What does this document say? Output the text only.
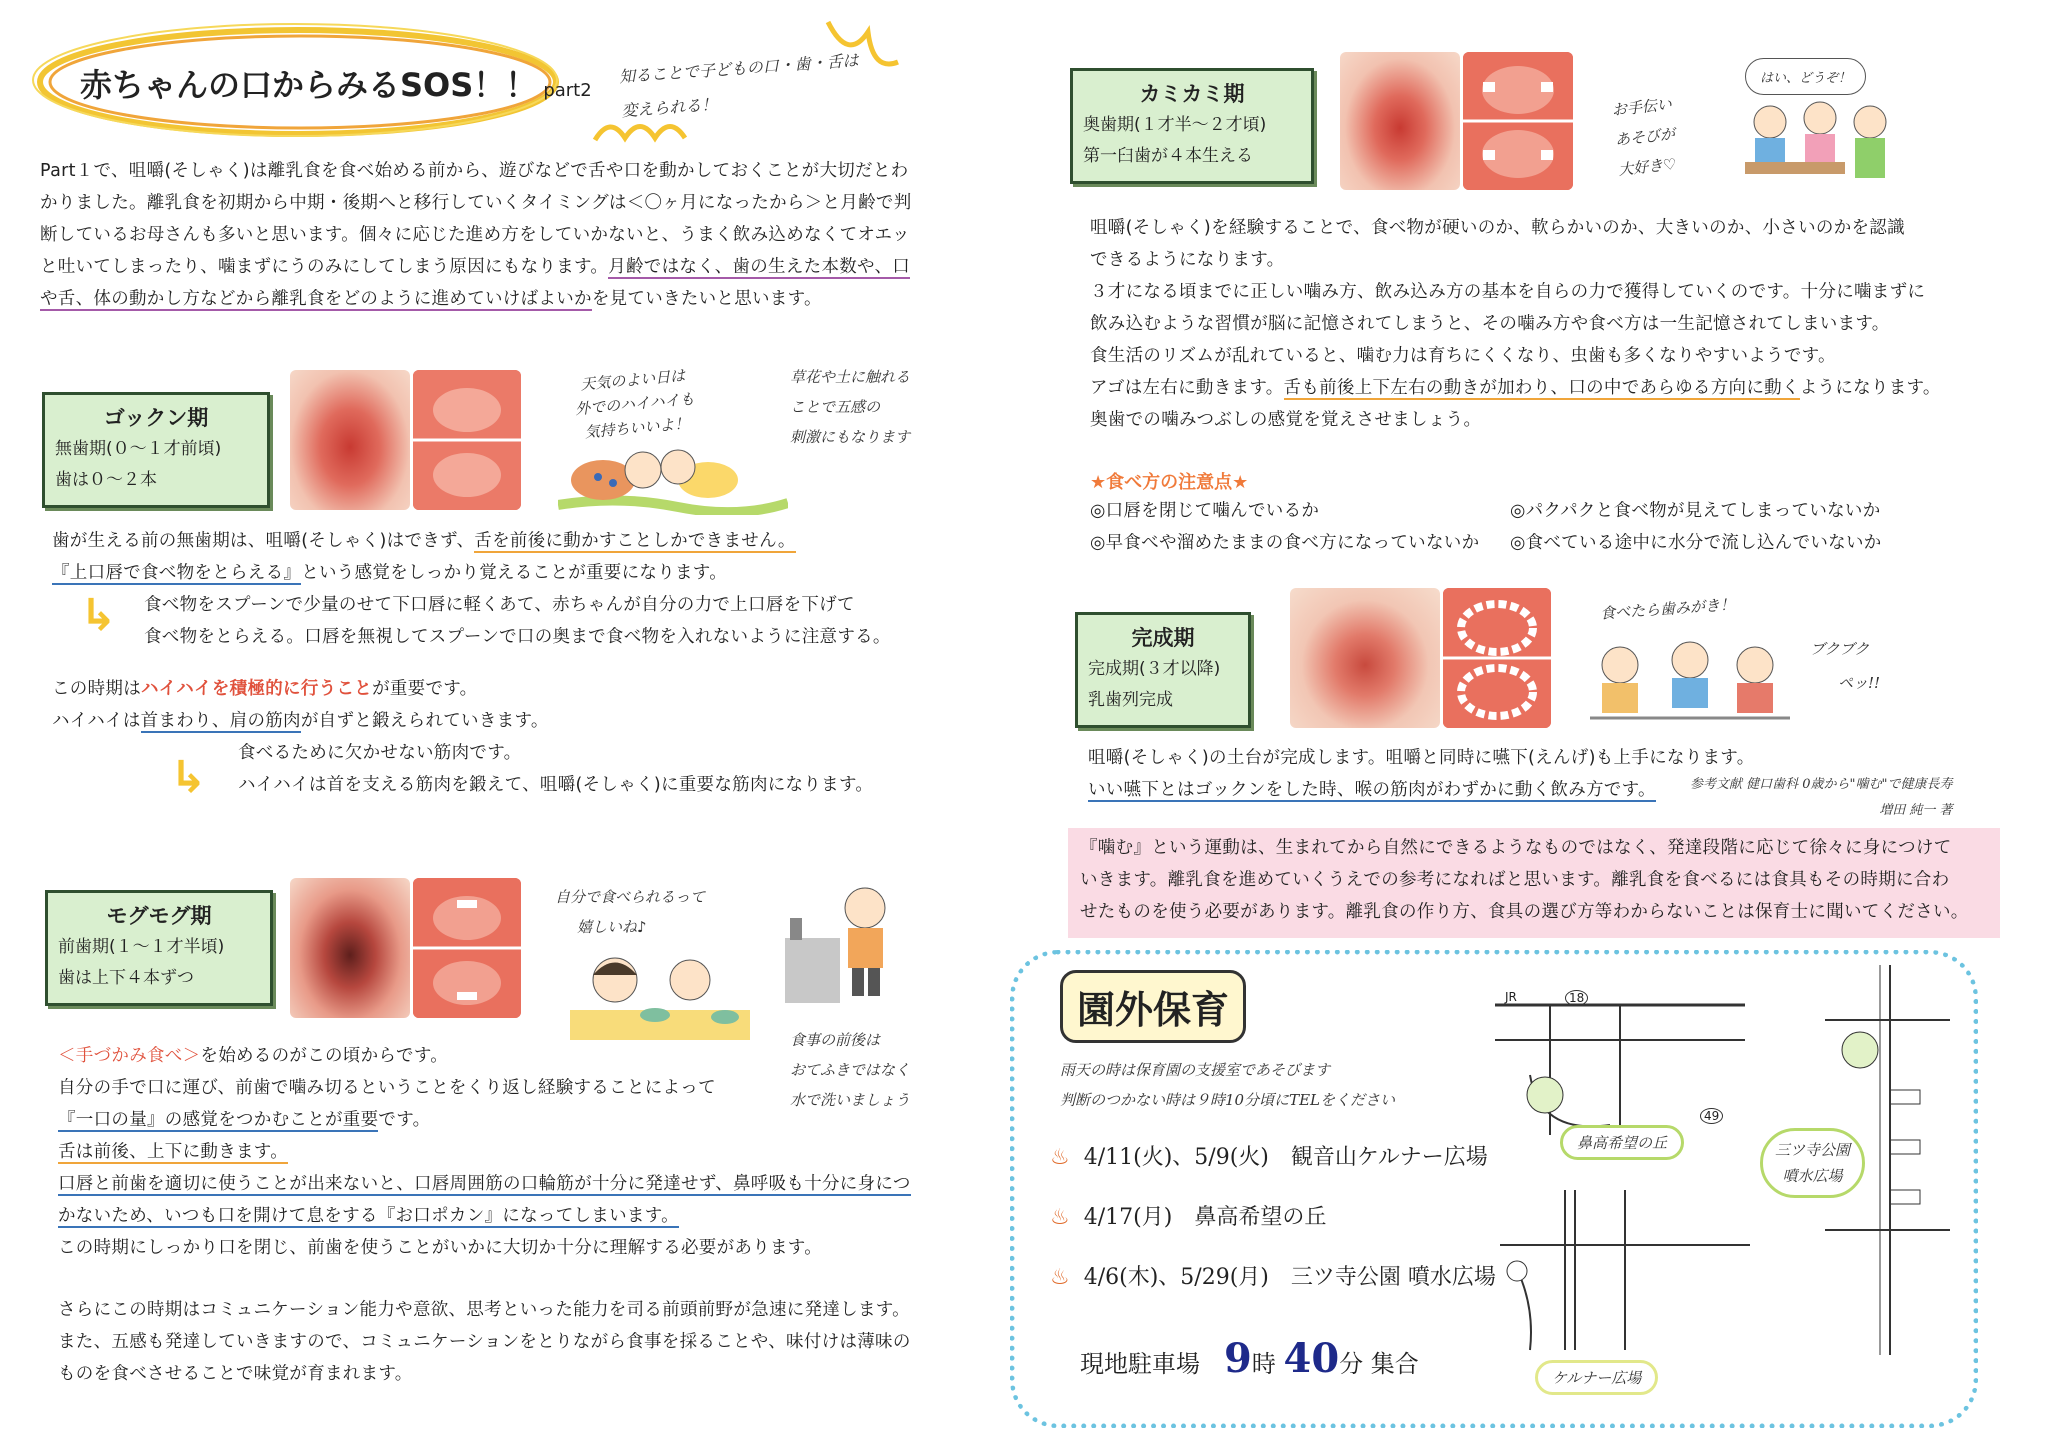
赤ちゃんの口からみるSOS！！ part2
知ることで子どもの口・歯・舌は
変えられる！

Part１で、咀嚼(そしゃく)は離乳食を食べ始める前から、遊びなどで舌や口を動かしておくことが大切だとわ

かりました。離乳食を初期から中期・後期へと移行していくタイミングは＜〇ヶ月になったから＞と月齢で判

断しているお母さんも多いと思います。個々に応じた進め方をしていかないと、うまく飲み込めなくてオエッ

と吐いてしまったり、噛まずにうのみにしてしまう原因にもなります。月齢ではなく、歯の生えた本数や、口

や舌、体の動かし方などから離乳食をどのように進めていけばよいかを見ていきたいと思います。

ゴックン期
無歯期(０～１才前頃)
歯は０～２本
天気のよい日は
外でのハイハイも
気持ちいいよ！
草花や土に触れる
ことで五感の
刺激にもなります

歯が生える前の無歯期は、咀嚼(そしゃく)はできず、舌を前後に動かすことしかできません。

『上口唇で食べ物をとらえる』という感覚をしっかり覚えることが重要になります。

食べ物をスプーンで少量のせて下口唇に軽くあて、赤ちゃんが自分の力で上口唇を下げて

食べ物をとらえる。口唇を無視してスプーンで口の奥まで食べ物を入れないように注意する。

この時期はハイハイを積極的に行うことが重要です。

ハイハイは首まわり、肩の筋肉が自ずと鍛えられていきます。

食べるために欠かせない筋肉です。

ハイハイは首を支える筋肉を鍛えて、咀嚼(そしゃく)に重要な筋肉になります。

↳
↳
モグモグ期
前歯期(１～１才半頃)
歯は上下４本ずつ
自分で食べられるって
嬉しいね♪
食事の前後は
おてふきではなく
水で洗いましょう

＜手づかみ食べ＞を始めるのがこの頃からです。

自分の手で口に運び、前歯で噛み切るということをくり返し経験することによって

『一口の量』の感覚をつかむことが重要です。

舌は前後、上下に動きます。

口唇と前歯を適切に使うことが出来ないと、口唇周囲筋の口輪筋が十分に発達せず、鼻呼吸も十分に身につ

かないため、いつも口を開けて息をする『お口ポカン』になってしまいます。

この時期にしっかり口を閉じ、前歯を使うことがいかに大切か十分に理解する必要があります。

さらにこの時期はコミュニケーション能力や意欲、思考といった能力を司る前頭前野が急速に発達します。

また、五感も発達していきますので、コミュニケーションをとりながら食事を採ることや、味付けは薄味の

ものを食べさせることで味覚が育まれます。

カミカミ期
奥歯期(１才半～２才頃)
第一臼歯が４本生える
お手伝い
あそびが
大好き♡
はい、どうぞ！

咀嚼(そしゃく)を経験することで、食べ物が硬いのか、軟らかいのか、大きいのか、小さいのかを認識

できるようになります。

３才になる頃までに正しい噛み方、飲み込み方の基本を自らの力で獲得していくのです。十分に噛まずに

飲み込むような習慣が脳に記憶されてしまうと、その噛み方や食べ方は一生記憶されてしまいます。

食生活のリズムが乱れていると、噛む力は育ちにくくなり、虫歯も多くなりやすいようです。

アゴは左右に動きます。舌も前後上下左右の動きが加わり、口の中であらゆる方向に動くようになります。

奥歯での噛みつぶしの感覚を覚えさせましょう。

★食べ方の注意点★

◎口唇を閉じて噛んでいるか

◎早食べや溜めたままの食べ方になっていないか

◎パクパクと食べ物が見えてしまっていないか

◎食べている途中に水分で流し込んでいないか

完成期
完成期(３才以降)
乳歯列完成
食べたら歯みがき！
ブクブク
ペッ!!

咀嚼(そしゃく)の土台が完成します。咀嚼と同時に嚥下(えんげ)も上手になります。

いい嚥下とはゴックンをした時、喉の筋肉がわずかに動く飲み方です。	参考文献 健口歯科 0歳から"噛む"で健康長寿
増田 純一 著

『噛む』という運動は、生まれてから自然にできるようなものではなく、発達段階に応じて徐々に身につけて

いきます。離乳食を進めていくうえでの参考になればと思います。離乳食を食べるには食具もその時期に合わ

せたものを使う必要があります。離乳食の作り方、食具の選び方等わからないことは保育士に聞いてください。

園外保育
雨天の時は保育園の支援室であそびます
判断のつかない時は９時10分頃にTELをください
♨ 4/11(火)、5/9(火)　 観音山ケルナー広場
♨ 4/17(月)　 鼻高希望の丘
♨ 4/6(木)、5/29(月)　 三ツ寺公園 噴水広場
現地駐車場　 9時 40分 集合
JR	18
49
鼻高希望の丘
ケルナー広場
三ツ寺公園
噴水広場
